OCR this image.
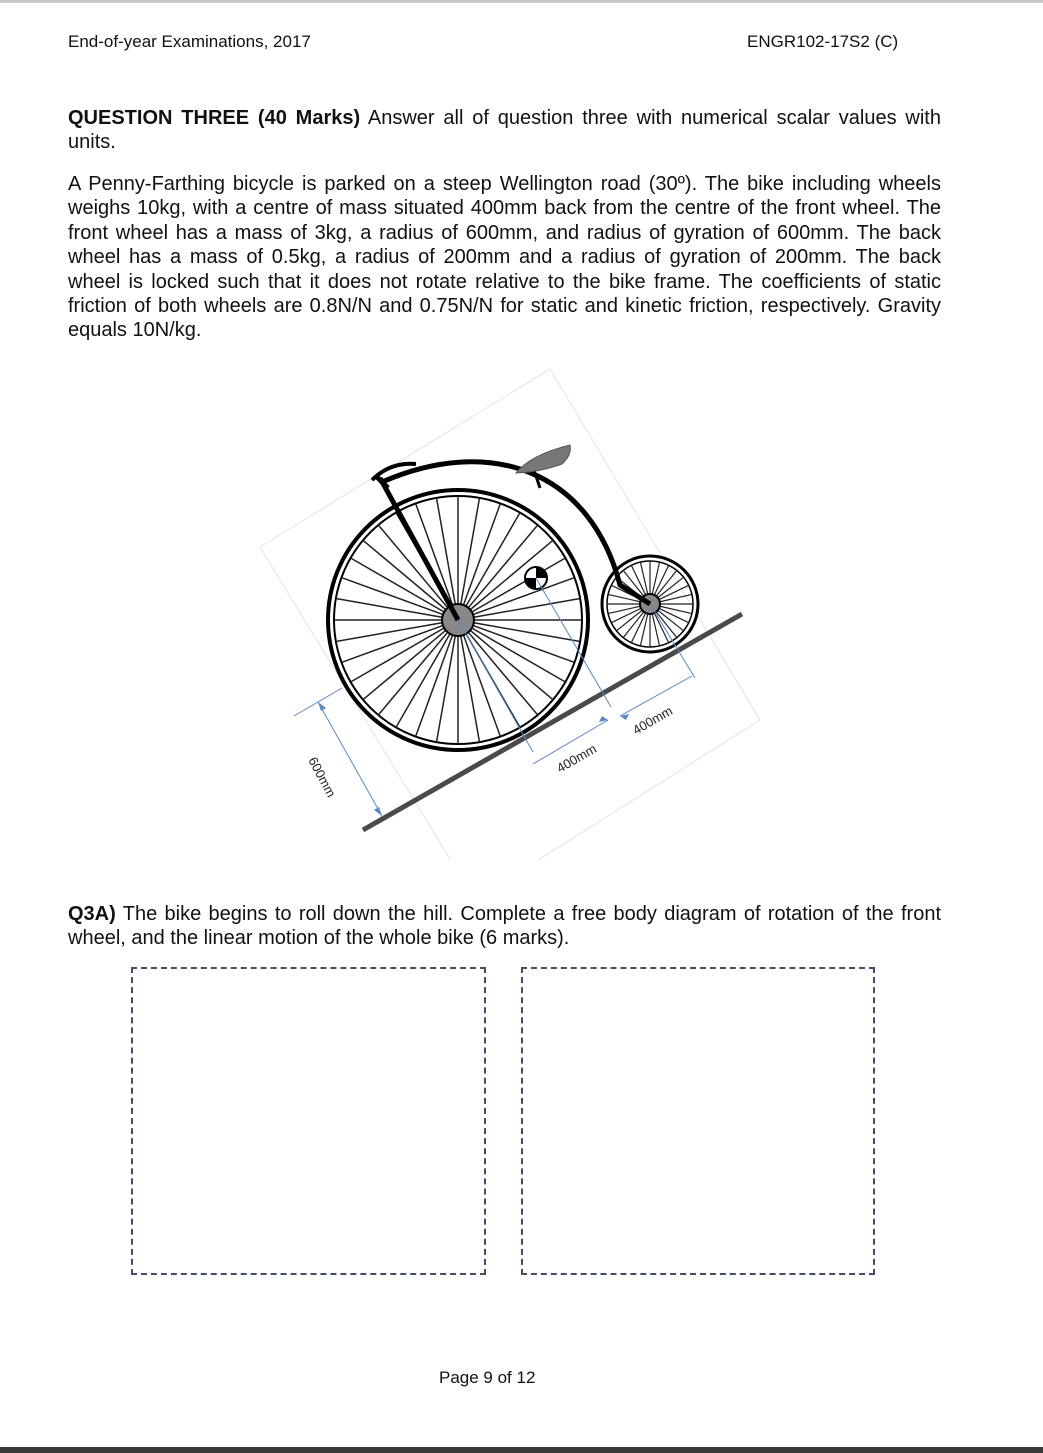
End-of-year Examinations, 2017	ENGR102-17S2 (C)

QUESTION THREE (40 Marks) Answer all of question three with numerical scalar values with units.

A Penny-Farthing bicycle is parked on a steep Wellington road (30º). The bike including wheels weighs 10kg, with a centre of mass situated 400mm back from the centre of the front wheel. The front wheel has a mass of 3kg, a radius of 600mm, and radius of gyration of 600mm. The back wheel has a mass of 0.5kg, a radius of 200mm and a radius of gyration of 200mm. The back wheel is locked such that it does not rotate relative to the bike frame. The coefficients of static friction of both wheels are 0.8N/N and 0.75N/N for static and kinetic friction, respectively. Gravity equals 10N/kg.

600mm	400mm
400mm

Q3A) The bike begins to roll down the hill. Complete a free body diagram of rotation of the front wheel, and the linear motion of the whole bike (6 marks).

Page 9 of 12
